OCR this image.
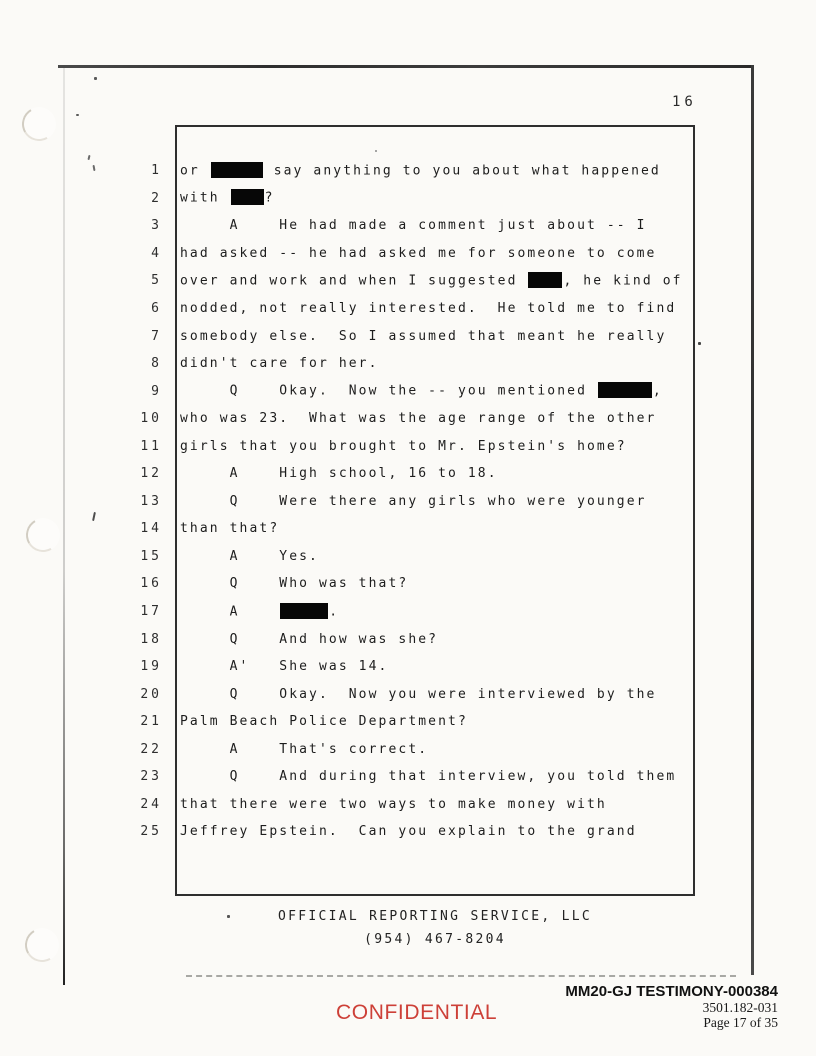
16
1 or	say anything to you about what happened
2 with	?
3 A    He had made a comment just about -- I
4 had asked -- he had asked me for someone to come
5 over and work and when I suggested	, he kind of
6 nodded, not really interested.  He told me to find
7 somebody else.  So I assumed that meant he really
8 didn't care for her.
9 Q    Okay.  Now the -- you mentioned	,
10 who was 23.  What was the age range of the other
11 girls that you brought to Mr. Epstein's home?
12 A    High school, 16 to 18.
13 Q    Were there any girls who were younger
14 than that?
15 A    Yes.
16 Q    Who was that?
17 A	.
18 Q    And how was she?
19 A'   She was 14.
20 Q    Okay.  Now you were interviewed by the
21 Palm Beach Police Department?
22 A    That's correct.
23 Q    And during that interview, you told them
24 that there were two ways to make money with
25 Jeffrey Epstein.  Can you explain to the grand
OFFICIAL REPORTING SERVICE, LLC
(954) 467-8204
CONFIDENTIAL
MM20-GJ TESTIMONY-000384
3501.182-031
Page 17 of 35
